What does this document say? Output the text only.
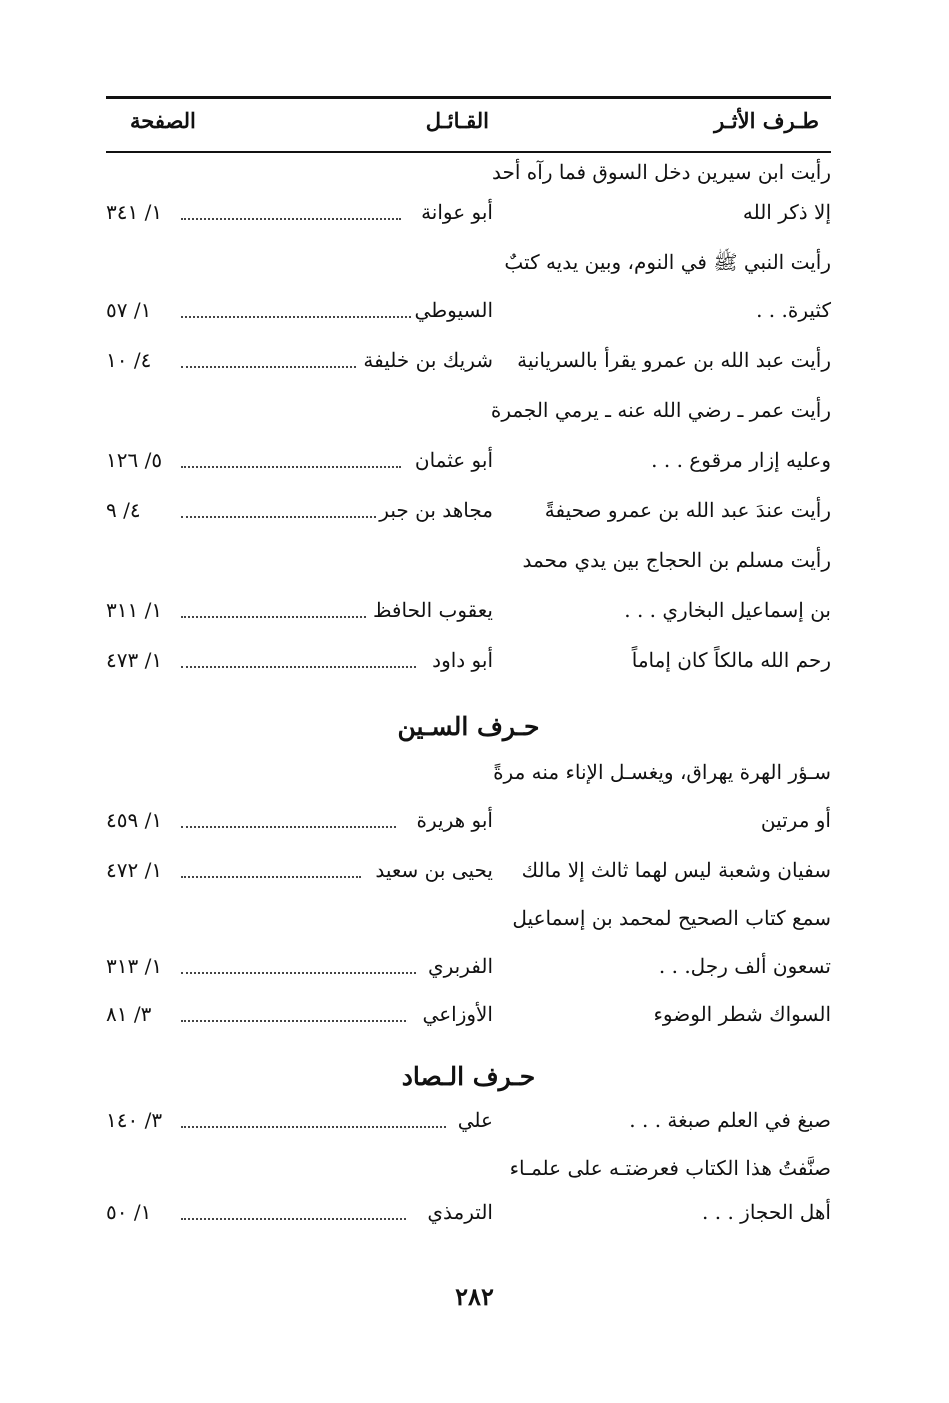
طـرف الأثـر
القـائـل
الصفحة
رأيت ابن سيرين دخل السوق فما رآه أحد
إلا ذكر الله
أبو عوانة
١/ ٣٤١
رأيت النبي ﷺ في النوم، وبين يديه كتبٌ
كثيرة. . .
السيوطي
١/ ٥٧
رأيت عبد الله بن عمرو يقرأ بالسريانية
شريك بن خليفة
٤/ ١٠
رأيت عمر ـ رضي الله عنه ـ يرمي الجمرة
وعليه إزار مرقوع . . .
أبو عثمان
٥/ ١٢٦
رأيت عندَ عبد الله بن عمرو صحيفةً
مجاهد بن جبر
٤/ ٩
رأيت مسلم بن الحجاج بين يدي محمد
بن إسماعيل البخاري . . .
يعقوب الحافظ
١/ ٣١١
رحم الله مالكاً كان إماماً
أبو داود
١/ ٤٧٣
حـرف السـين
سـؤر الهرة يهراق، ويغسـل الإناء منه مرةً
أو مرتين
أبو هريرة
١/ ٤٥٩
سفيان وشعبة ليس لهما ثالث إلا مالك
يحيى بن سعيد
١/ ٤٧٢
سمع كتاب الصحيح لمحمد بن إسماعيل
تسعون ألف رجل. . .
الفربري
١/ ٣١٣
السواك شطر الوضوء
الأوزاعي
٣/ ٨١
حـرف الـصاد
صبغ في العلم صبغة . . .
علي
٣/ ١٤٠
صنَّفتُ هذا الكتاب فعرضتـه على علمـاء
أهل الحجاز . . .
الترمذي
١/ ٥٠
٢٨٢
